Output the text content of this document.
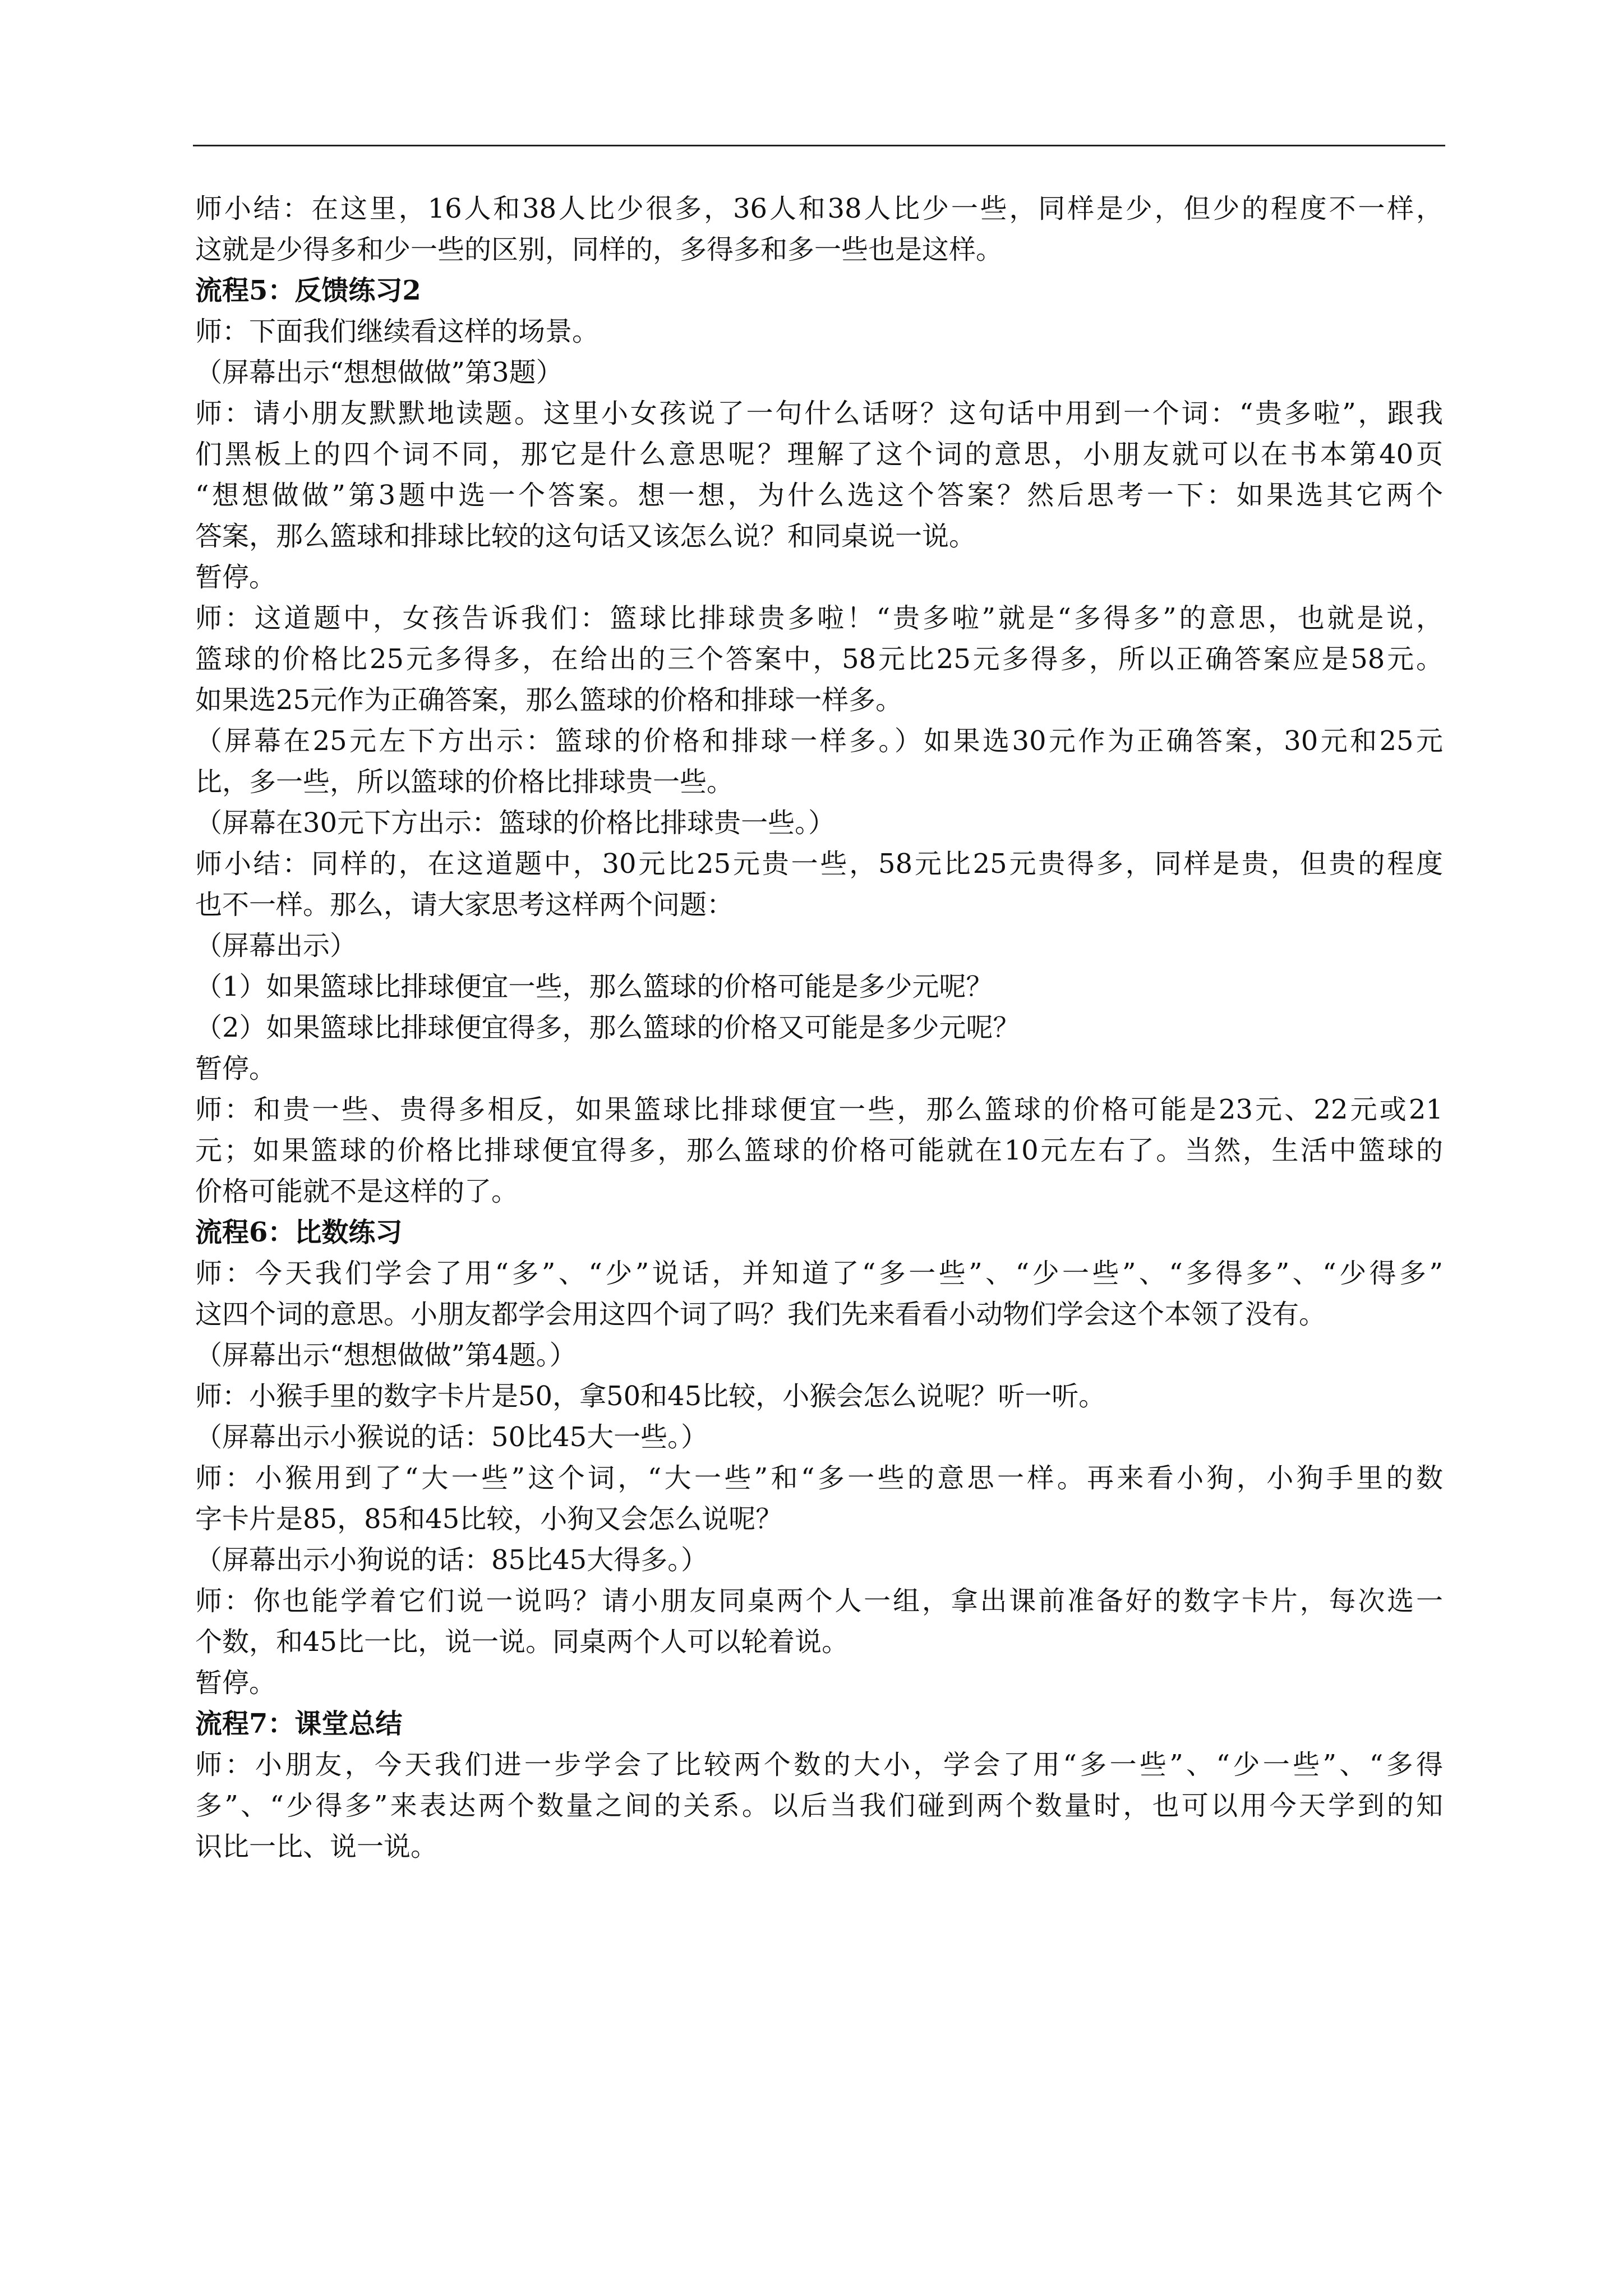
师小结：在这里，16人和38人比少很多，36人和38人比少一些，同样是少，但少的程度不一样，
这就是少得多和少一些的区别，同样的，多得多和多一些也是这样。
流程5：反馈练习2
师：下面我们继续看这样的场景。
（屏幕出示“想想做做”第3题）
师：请小朋友默默地读题。这里小女孩说了一句什么话呀？这句话中用到一个词：“贵多啦”，跟我
们黑板上的四个词不同，那它是什么意思呢？理解了这个词的意思，小朋友就可以在书本第40页
“想想做做”第3题中选一个答案。想一想，为什么选这个答案？然后思考一下：如果选其它两个
答案，那么篮球和排球比较的这句话又该怎么说？和同桌说一说。
暂停。
师：这道题中，女孩告诉我们：篮球比排球贵多啦！“贵多啦”就是“多得多”的意思，也就是说，
篮球的价格比25元多得多，在给出的三个答案中，58元比25元多得多，所以正确答案应是58元。
如果选25元作为正确答案，那么篮球的价格和排球一样多。
（屏幕在25元左下方出示：篮球的价格和排球一样多。）如果选30元作为正确答案，30元和25元
比，多一些，所以篮球的价格比排球贵一些。
（屏幕在30元下方出示：篮球的价格比排球贵一些。）
师小结：同样的，在这道题中，30元比25元贵一些，58元比25元贵得多，同样是贵，但贵的程度
也不一样。那么，请大家思考这样两个问题：
（屏幕出示）
（1）如果篮球比排球便宜一些，那么篮球的价格可能是多少元呢？
（2）如果篮球比排球便宜得多，那么篮球的价格又可能是多少元呢？
暂停。
师：和贵一些、贵得多相反，如果篮球比排球便宜一些，那么篮球的价格可能是23元、22元或21
元；如果篮球的价格比排球便宜得多，那么篮球的价格可能就在10元左右了。当然，生活中篮球的
价格可能就不是这样的了。
流程6：比数练习
师：今天我们学会了用“多”、“少”说话，并知道了“多一些”、“少一些”、“多得多”、“少得多”
这四个词的意思。小朋友都学会用这四个词了吗？我们先来看看小动物们学会这个本领了没有。
（屏幕出示“想想做做”第4题。）
师：小猴手里的数字卡片是50，拿50和45比较，小猴会怎么说呢？听一听。
（屏幕出示小猴说的话：50比45大一些。）
师：小猴用到了“大一些”这个词，“大一些”和“多一些的意思一样。再来看小狗，小狗手里的数
字卡片是85，85和45比较，小狗又会怎么说呢？
（屏幕出示小狗说的话：85比45大得多。）
师：你也能学着它们说一说吗？请小朋友同桌两个人一组，拿出课前准备好的数字卡片，每次选一
个数，和45比一比，说一说。同桌两个人可以轮着说。
暂停。
流程7：课堂总结
师：小朋友，今天我们进一步学会了比较两个数的大小，学会了用“多一些”、“少一些”、“多得
多”、“少得多”来表达两个数量之间的关系。以后当我们碰到两个数量时，也可以用今天学到的知
识比一比、说一说。
